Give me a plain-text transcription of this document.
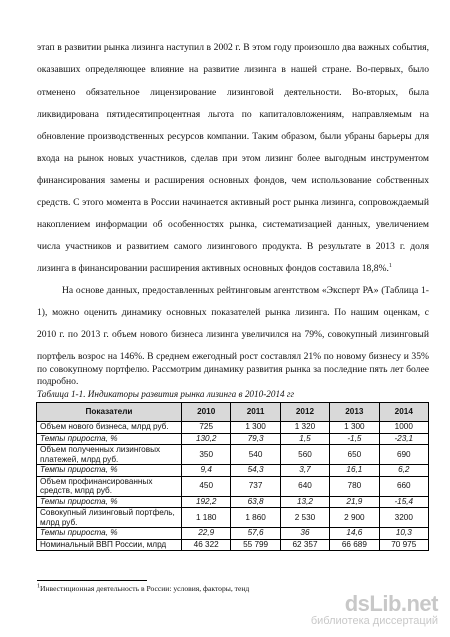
этап в развитии рынка лизинга наступил в 2002 г. В этом году произошло два важных события,
оказавших определяющее влияние на развитие лизинга в нашей стране. Во-первых, было
отменено обязательное лицензирование лизинговой деятельности. Во-вторых, была
ликвидирована пятидесятипроцентная льгота по капиталовложениям, направляемым на
обновление производственных ресурсов компании. Таким образом, были убраны барьеры для
входа на рынок новых участников, сделав при этом лизинг более выгодным инструментом
финансирования замены и расширения основных фондов, чем использование собственных
средств. С этого момента в России начинается активный рост рынка лизинга, сопровождаемый
накоплением информации об особенностях рынка, систематизацией данных, увеличением
числа участников и развитием самого лизингового продукта. В результате в 2013 г. доля
лизинга в финансировании расширения активных основных фондов составила 18,8%.$^1$
На основе данных, предоставленных рейтинговым агентством «Эксперт РА» (Таблица 1-
1), можно оценить динамику основных показателей рынка лизинга. По нашим оценкам, с
2010 г. по 2013 г. объем нового бизнеса лизинга увеличился на 79%, совокупный лизинговый
портфель возрос на 146%. В среднем ежегодный рост составлял 21% по новому бизнесу и 35%
по совокупному портфелю. Рассмотрим динамику развития рынка за последние пять лет более
подробно.
Таблица 1-1. Индикаторы развития рынка лизинга в 2010-2014 гг
Показатели	2010	2011	2012	2013	2014
Объем нового бизнеса, млрд руб.	725	1 300	1 320	1 300	1000
Темпы прироста, %	130,2	79,3	1,5	-1,5	-23,1
Объем полученных лизинговых платежей, млрд руб.	350	540	560	650	690
Темпы прироста, %	9,4	54,3	3,7	16,1	6,2
Объем профинансированных средств, млрд руб.	450	737	640	780	660
Темпы прироста, %	192,2	63,8	13,2	21,9	-15,4
Совокупный лизинговый портфель, млрд руб.	1 180	1 860	2 530	2 900	3200
Темпы прироста, %	22,9	57,6	36	14,6	10,3
Номинальный ВВП России, млрд	46 322	55 799	62 357	66 689	70 975
$^1$Инвестиционная деятельность в России: условия, факторы, тенд
dsLib.net
библиотека диссертаций
